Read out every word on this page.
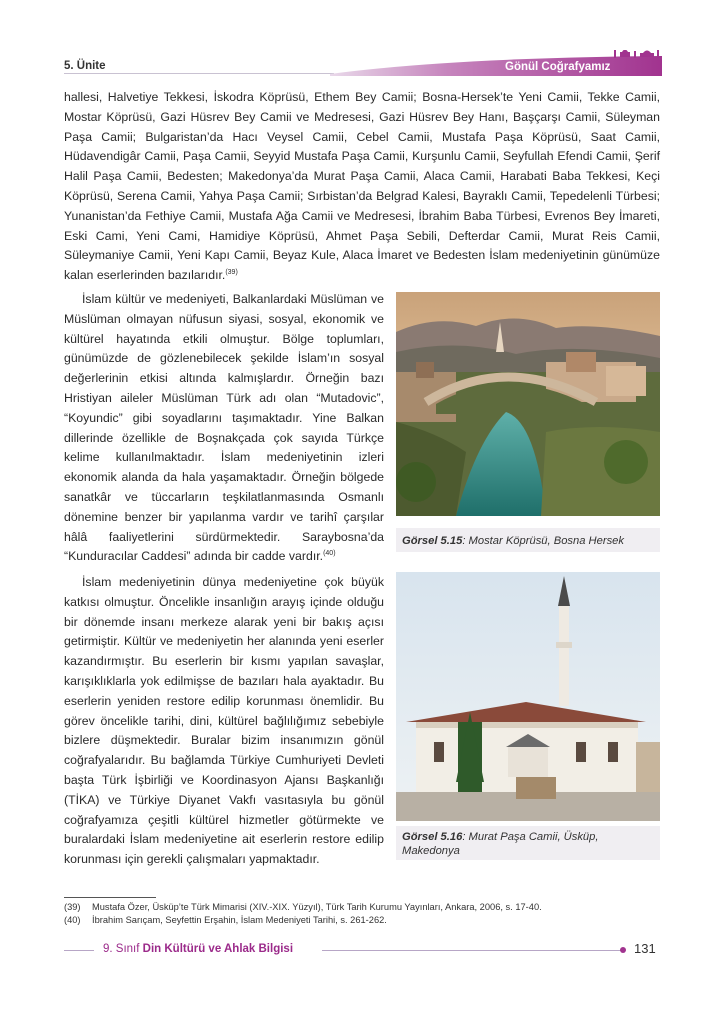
5. Ünite	Gönül Coğrafyamız

hallesi, Halvetiye Tekkesi, İskodra Köprüsü, Ethem Bey Camii; Bosna-Hersek’te Yeni Camii, Tekke Camii, Mostar Köprüsü, Gazi Hüsrev Bey Camii ve Medresesi, Gazi Hüsrev Bey Hanı, Başçarşı Camii, Süleyman Paşa Camii; Bulgaristan’da Hacı Veysel Camii, Cebel Camii, Mustafa Paşa Köprüsü, Saat Camii, Hüdavendigâr Camii, Paşa Camii, Seyyid Mustafa Paşa Camii, Kurşunlu Camii, Seyfullah Efendi Camii, Şerif Halil Paşa Camii, Bedesten; Makedonya’da Murat Paşa Camii, Alaca Camii, Harabati Baba Tekkesi, Keçi Köprüsü, Serena Camii, Yahya Paşa Camii; Sırbistan’da Belgrad Kalesi, Bayraklı Camii, Tepedelenli Türbesi; Yunanistan’da Fethiye Camii, Mustafa Ağa Camii ve Medresesi, İbrahim Baba Türbesi, Evrenos Bey İmareti, Eski Cami, Yeni Cami, Hamidiye Köprüsü, Ahmet Paşa Sebili, Defterdar Camii, Murat Reis Camii, Süleymaniye Camii, Yeni Kapı Camii, Beyaz Kule, Alaca İmaret ve Bedesten İslam medeniyetinin günümüze kalan eserlerinden bazılarıdır.$^{(39)}$

İslam kültür ve medeniyeti, Balkanlardaki Müslüman ve Müslüman olmayan nüfusun siyasi, sosyal, ekonomik ve kültürel hayatında etkili olmuştur. Bölge toplumları, günümüzde de gözlenebilecek şekilde İslam’ın sosyal değerlerinin etkisi altında kalmışlardır. Örneğin bazı Hristiyan aileler Müslüman Türk adı olan “Mutadovic”, “Koyundic” gibi soyadlarını taşımaktadır. Yine Balkan dillerinde özellikle de Boşnakçada çok sayıda Türkçe kelime kullanılmaktadır. İslam medeniyetinin izleri ekonomik alanda da hala yaşamaktadır. Örneğin bölgede sanatkâr ve tüccarların teşkilatlanmasında Osmanlı dönemine benzer bir yapılanma vardır ve tarihî çarşılar hâlâ faaliyetlerini sürdürmektedir. Saraybosna’da “Kunduracılar Caddesi” adında bir cadde vardır.$^{(40)}$

İslam medeniyetinin dünya medeniyetine çok büyük katkısı olmuştur. Öncelikle insanlığın arayış içinde olduğu bir dönemde insanı merkeze alarak yeni bir bakış açısı getirmiştir. Kültür ve medeniyetin her alanında yeni eserler kazandırmıştır. Bu eserlerin bir kısmı yapılan savaşlar, karışıklıklarla yok edilmişse de bazıları hala ayaktadır. Bu eserlerin yeniden restore edilip korunması önemlidir. Bu görev öncelikle tarihi, dini, kültürel bağlılığımız sebebiyle bizlere düşmektedir. Buralar bizim insanımızın gönül coğrafyalarıdır. Bu bağlamda Türkiye Cumhuriyeti Devleti başta Türk İşbirliği ve Koordinasyon Ajansı Başkanlığı (TİKA) ve Türkiye Diyanet Vakfı vasıtasıyla bu gönül coğrafyamıza çeşitli kültürel hizmetler götürmekte ve buralardaki İslam medeniyetine ait eserlerin restore edilip korunması için gerekli çalışmaları yapmaktadır.

Görsel 5.15: Mostar Köprüsü, Bosna Hersek
Görsel 5.16: Murat Paşa Camii, Üsküp, Makedonya
(39) Mustafa Özer, Üsküp’te Türk Mimarisi (XIV.-XIX. Yüzyıl), Türk Tarih Kurumu Yayınları, Ankara, 2006, s. 17-40.
(40) İbrahim Sarıçam, Seyfettin Erşahin, İslam Medeniyeti Tarihi, s. 261-262.
9. Sınıf Din Kültürü ve Ahlak Bilgisi	131
